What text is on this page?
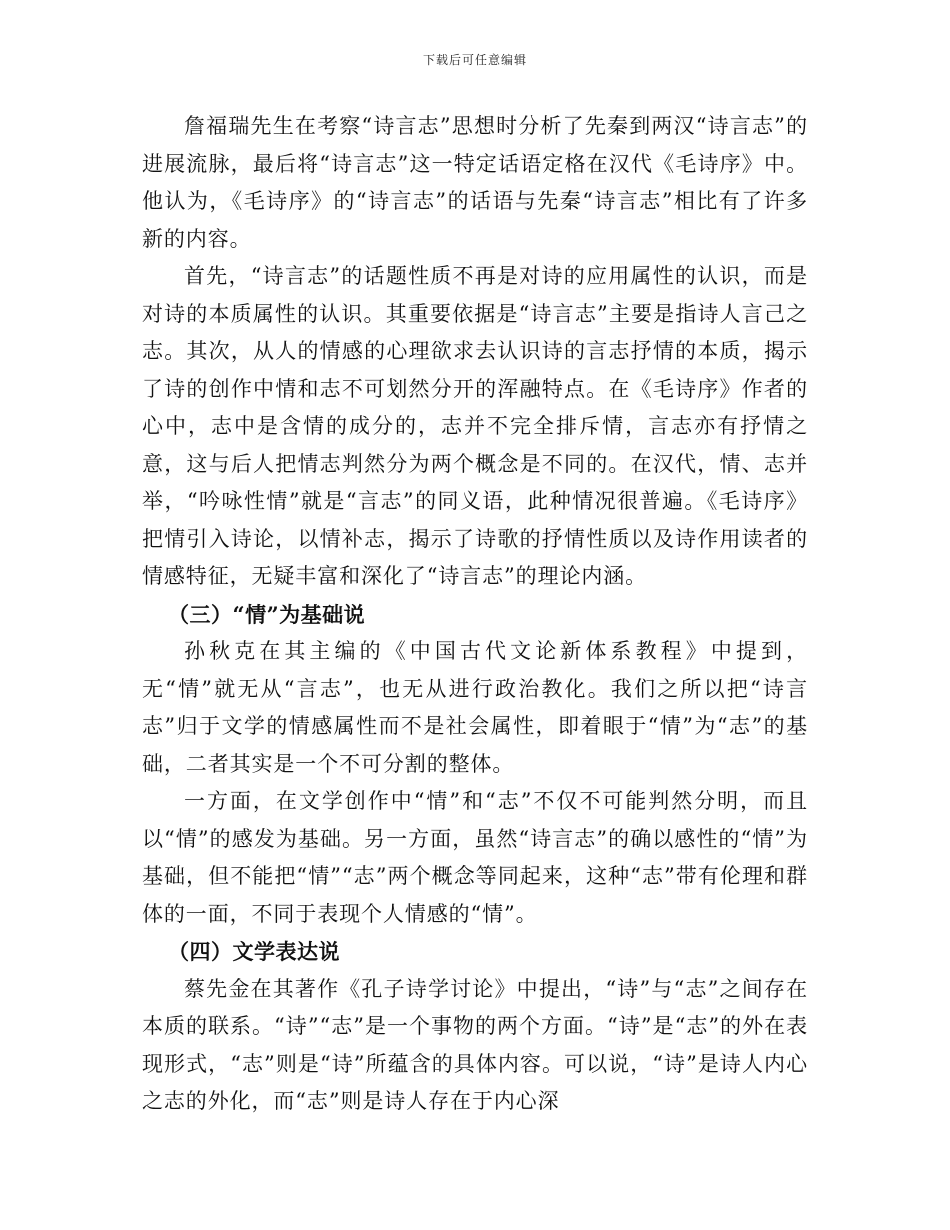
下载后可任意编辑

詹福瑞先生在考察“诗言志”思想时分析了先秦到两汉“诗言志”的进展流脉，最后将“诗言志”这一特定话语定格在汉代《毛诗序》中。他认为，《毛诗序》的“诗言志”的话语与先秦“诗言志”相比有了许多新的内容。

首先，“诗言志”的话题性质不再是对诗的应用属性的认识，而是对诗的本质属性的认识。其重要依据是“诗言志”主要是指诗人言己之志。其次，从人的情感的心理欲求去认识诗的言志抒情的本质，揭示了诗的创作中情和志不可划然分开的浑融特点。在《毛诗序》作者的心中，志中是含情的成分的，志并不完全排斥情，言志亦有抒情之意，这与后人把情志判然分为两个概念是不同的。在汉代，情、志并举，“吟咏性情”就是“言志”的同义语，此种情况很普遍。《毛诗序》把情引入诗论，以情补志，揭示了诗歌的抒情性质以及诗作用读者的情感特征，无疑丰富和深化了“诗言志”的理论内涵。

（三）“情”为基础说

孙秋克在其主编的《中国古代文论新体系教程》中提到，无“情”就无从“言志”，也无从进行政治教化。我们之所以把“诗言志”归于文学的情感属性而不是社会属性，即着眼于“情”为“志”的基础，二者其实是一个不可分割的整体。

一方面，在文学创作中“情”和“志”不仅不可能判然分明，而且以“情”的感发为基础。另一方面，虽然“诗言志”的确以感性的“情”为基础，但不能把“情”“志”两个概念等同起来，这种“志”带有伦理和群体的一面，不同于表现个人情感的“情”。

（四）文学表达说

蔡先金在其著作《孔子诗学讨论》中提出，“诗”与“志”之间存在本质的联系。“诗”“志”是一个事物的两个方面。“诗”是“志”的外在表现形式，“志”则是“诗”所蕴含的具体内容。可以说，“诗”是诗人内心之志的外化，而“志”则是诗人存在于内心深
